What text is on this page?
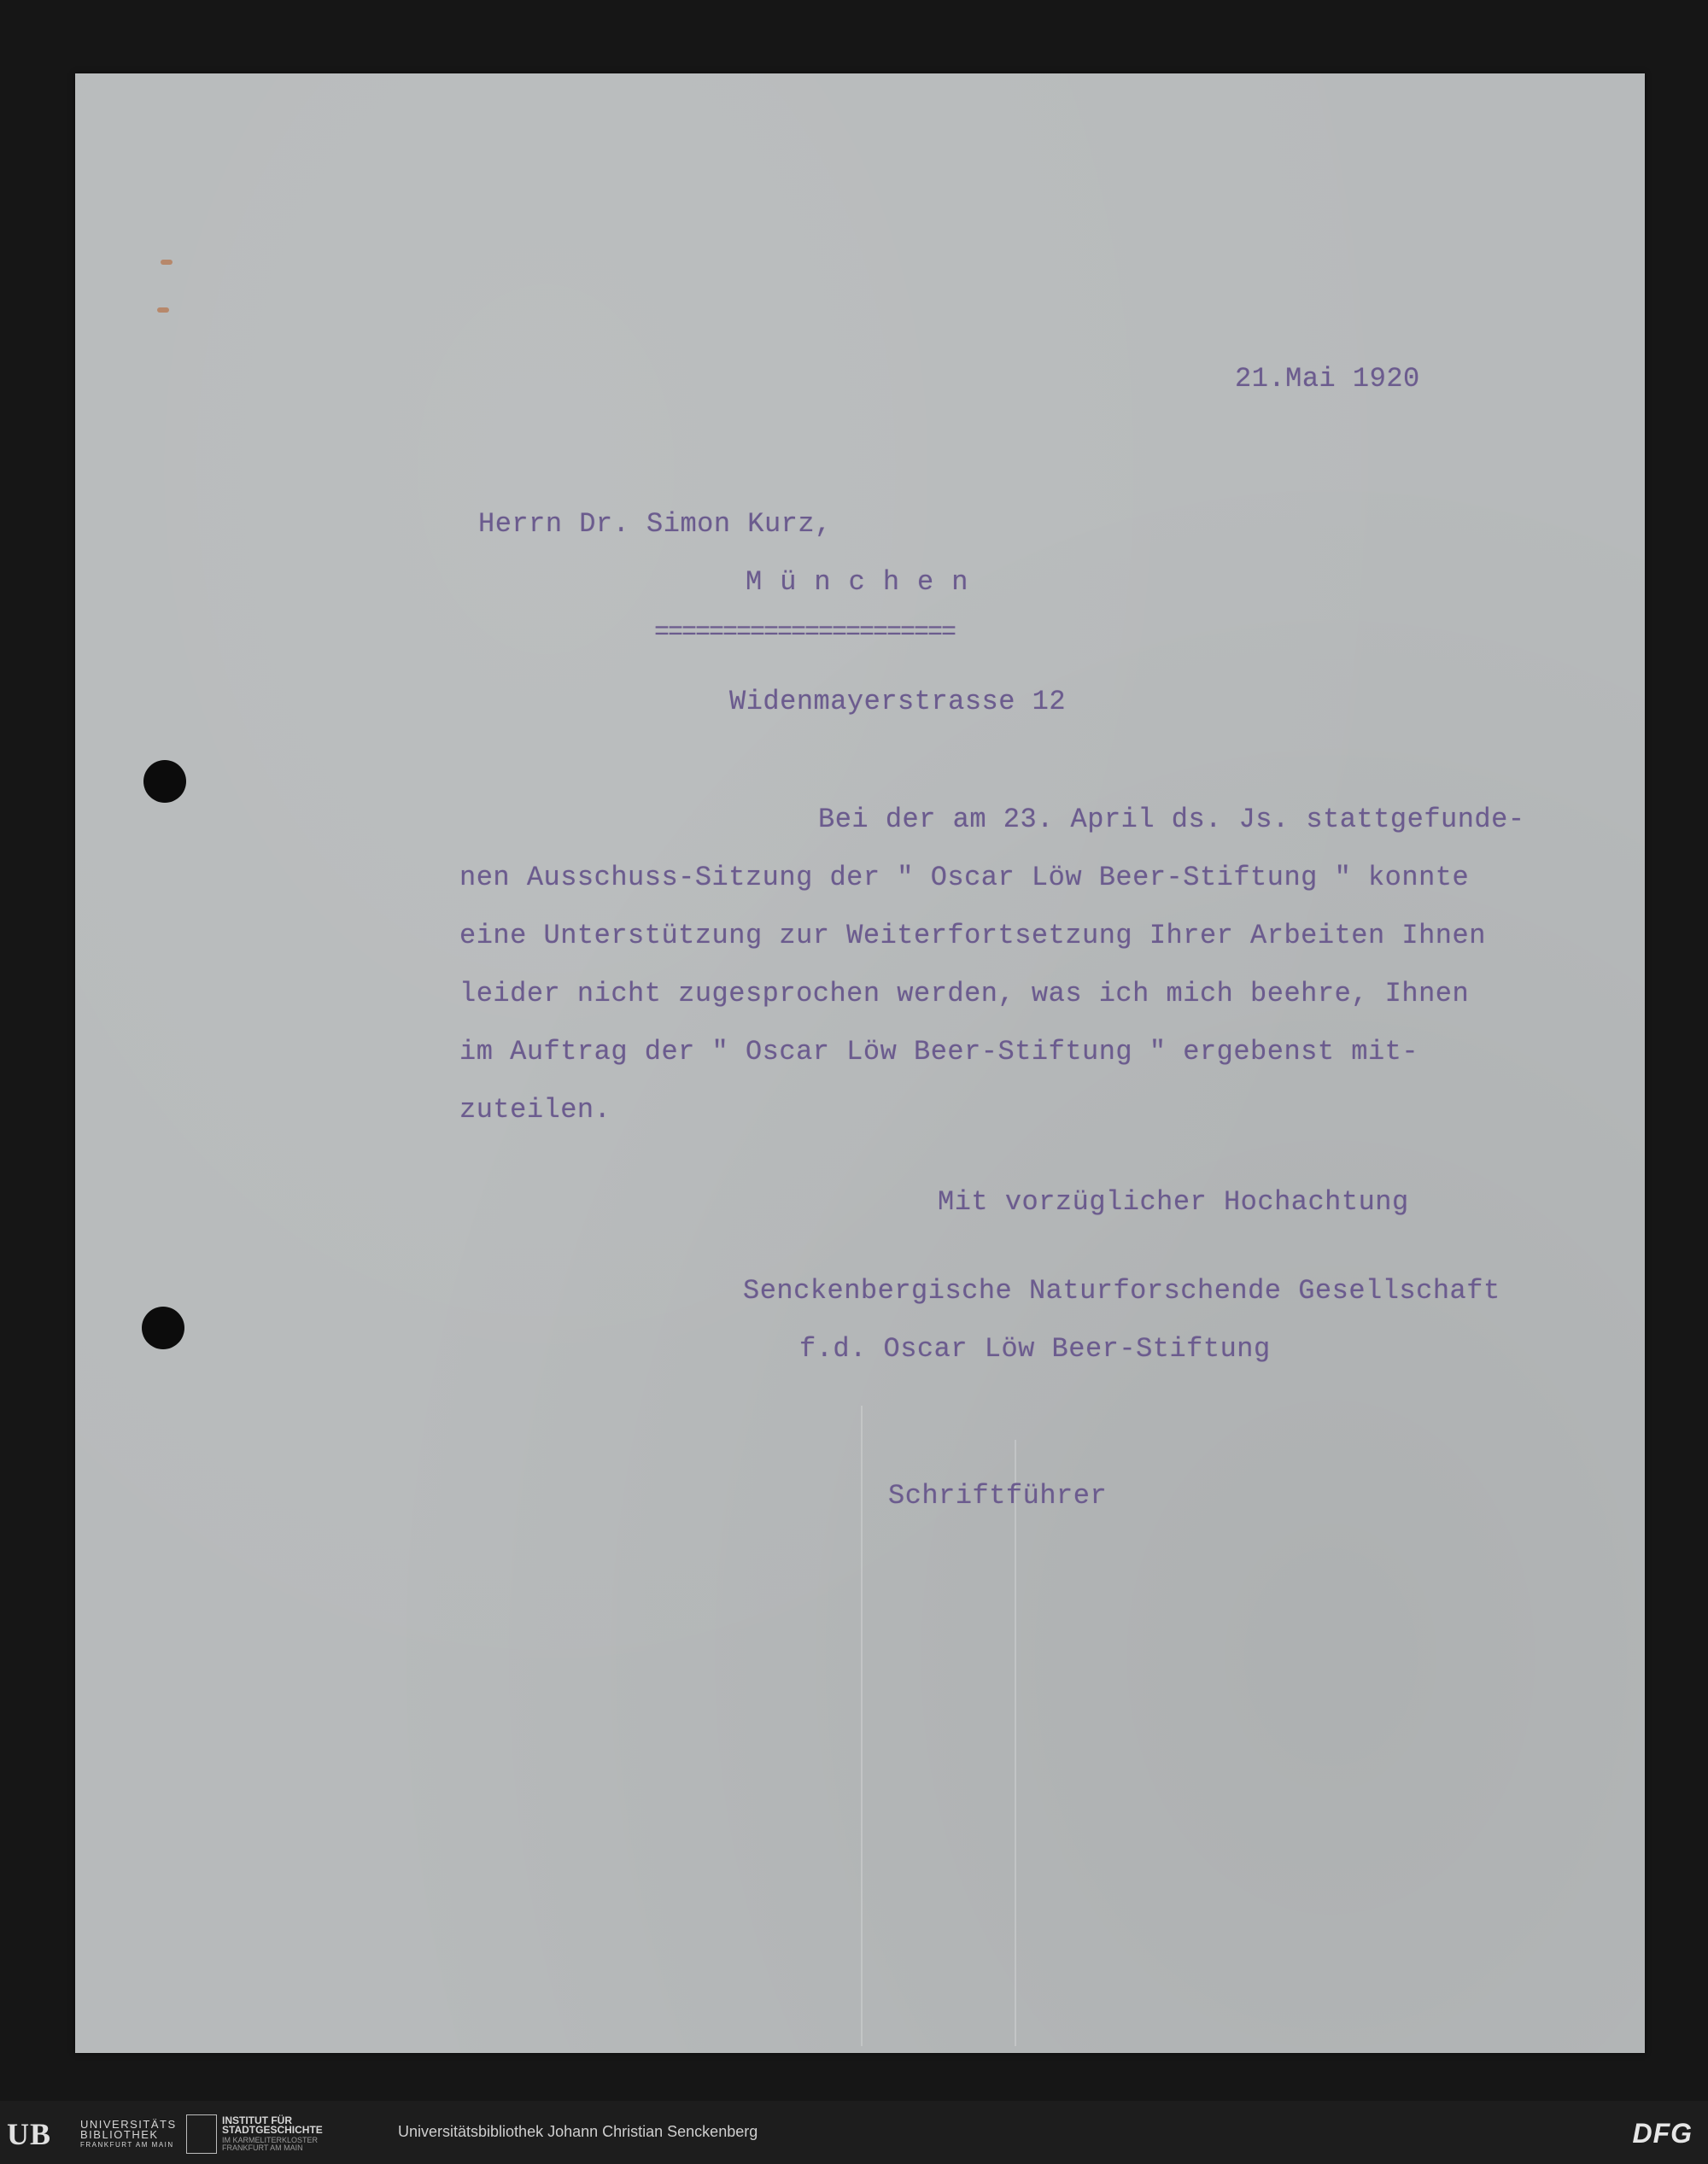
21.Mai 1920
Herrn Dr. Simon Kurz,
München
======================
Widenmayerstrasse 12
Bei der am 23. April ds. Js. stattgefunde-
nen Ausschuss-Sitzung der " Oscar Löw Beer-Stiftung " konnte
eine Unterstützung zur Weiterfortsetzung Ihrer Arbeiten Ihnen
leider nicht zugesprochen werden, was ich mich beehre, Ihnen
im Auftrag der " Oscar Löw Beer-Stiftung " ergebenst mit-
zuteilen.
Mit vorzüglicher Hochachtung
Senckenbergische Naturforschende Gesellschaft
f.d. Oscar Löw Beer-Stiftung
Schriftführer
UB	UNIVERSITÄTS
BIBLIOTHEK
FRANKFURT AM MAIN
INSTITUT FÜR
STADTGESCHICHTE
IM KARMELITERKLOSTER
FRANKFURT AM MAIN
Universitätsbibliothek Johann Christian Senckenberg	DFG
